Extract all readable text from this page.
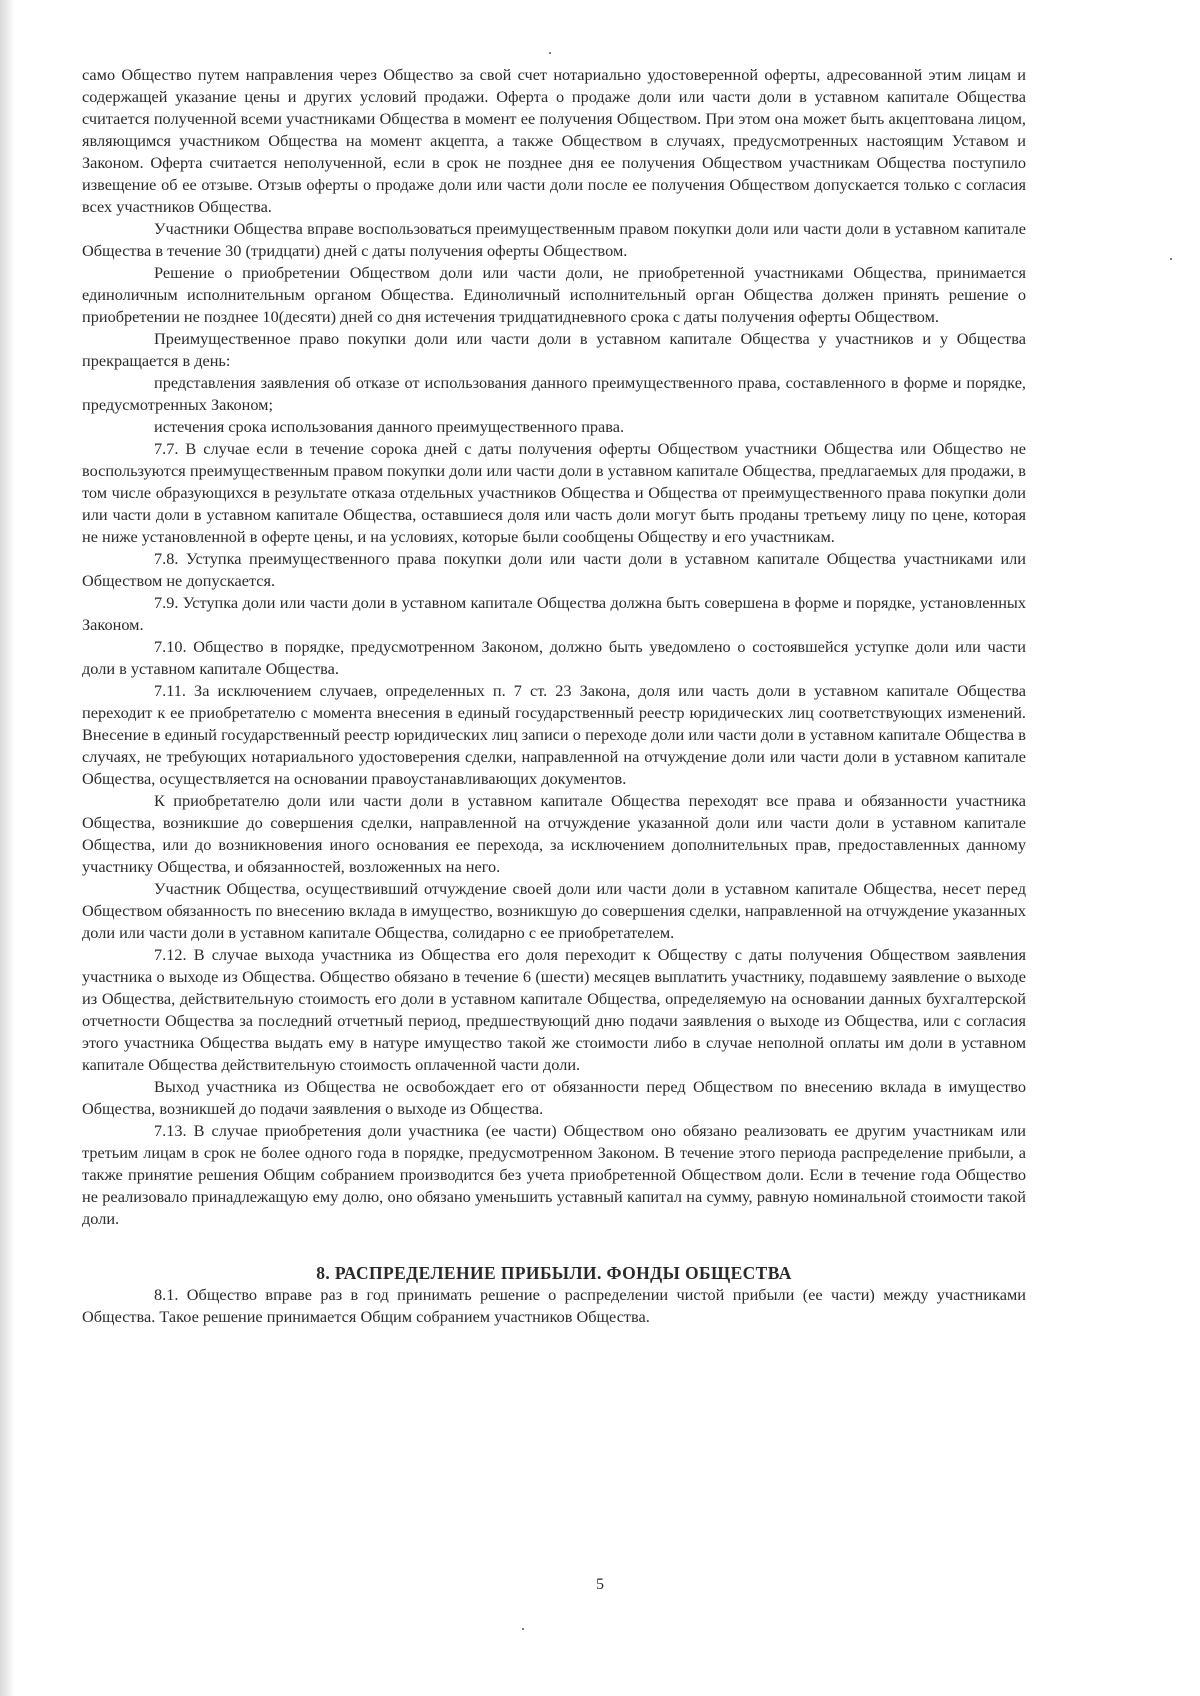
само Общество путем направления через Общество за свой счет нотариально удостоверенной оферты, адресованной этим лицам и содержащей указание цены и других условий продажи. Оферта о продаже доли или части доли в уставном капитале Общества считается полученной всеми участниками Общества в момент ее получения Обществом. При этом она может быть акцептована лицом, являющимся участником Общества на момент акцепта, а также Обществом в случаях, предусмотренных настоящим Уставом и Законом. Оферта считается неполученной, если в срок не позднее дня ее получения Обществом участникам Общества поступило извещение об ее отзыве. Отзыв оферты о продаже доли или части доли после ее получения Обществом допускается только с согласия всех участников Общества.

Участники Общества вправе воспользоваться преимущественным правом покупки доли или части доли в уставном капитале Общества в течение 30 (тридцати) дней с даты получения оферты Обществом.

Решение о приобретении Обществом доли или части доли, не приобретенной участниками Общества, принимается единоличным исполнительным органом Общества. Единоличный исполнительный орган Общества должен принять решение о приобретении не позднее 10(десяти) дней со дня истечения тридцатидневного срока с даты получения оферты Обществом.

Преимущественное право покупки доли или части доли в уставном капитале Общества у участников и у Общества прекращается в день:

представления заявления об отказе от использования данного преимущественного права, составленного в форме и порядке, предусмотренных Законом;

истечения срока использования данного преимущественного права.

7.7. В случае если в течение сорока дней с даты получения оферты Обществом участники Общества или Общество не воспользуются преимущественным правом покупки доли или части доли в уставном капитале Общества, предлагаемых для продажи, в том числе образующихся в результате отказа отдельных участников Общества и Общества от преимущественного права покупки доли или части доли в уставном капитале Общества, оставшиеся доля или часть доли могут быть проданы третьему лицу по цене, которая не ниже установленной в оферте цены, и на условиях, которые были сообщены Обществу и его участникам.

7.8. Уступка преимущественного права покупки доли или части доли в уставном капитале Общества участниками или Обществом не допускается.

7.9. Уступка доли или части доли в уставном капитале Общества должна быть совершена в форме и порядке, установленных Законом.

7.10. Общество в порядке, предусмотренном Законом, должно быть уведомлено о состоявшейся уступке доли или части доли в уставном капитале Общества.

7.11. За исключением случаев, определенных п. 7 ст. 23 Закона, доля или часть доли в уставном капитале Общества переходит к ее приобретателю с момента внесения в единый государственный реестр юридических лиц соответствующих изменений. Внесение в единый государственный реестр юридических лиц записи о переходе доли или части доли в уставном капитале Общества в случаях, не требующих нотариального удостоверения сделки, направленной на отчуждение доли или части доли в уставном капитале Общества, осуществляется на основании правоустанавливающих документов.

К приобретателю доли или части доли в уставном капитале Общества переходят все права и обязанности участника Общества, возникшие до совершения сделки, направленной на отчуждение указанной доли или части доли в уставном капитале Общества, или до возникновения иного основания ее перехода, за исключением дополнительных прав, предоставленных данному участнику Общества, и обязанностей, возложенных на него.

Участник Общества, осуществивший отчуждение своей доли или части доли в уставном капитале Общества, несет перед Обществом обязанность по внесению вклада в имущество, возникшую до совершения сделки, направленной на отчуждение указанных доли или части доли в уставном капитале Общества, солидарно с ее приобретателем.

7.12. В случае выхода участника из Общества его доля переходит к Обществу с даты получения Обществом заявления участника о выходе из Общества. Общество обязано в течение 6 (шести) месяцев выплатить участнику, подавшему заявление о выходе из Общества, действительную стоимость его доли в уставном капитале Общества, определяемую на основании данных бухгалтерской отчетности Общества за последний отчетный период, предшествующий дню подачи заявления о выходе из Общества, или с согласия этого участника Общества выдать ему в натуре имущество такой же стоимости либо в случае неполной оплаты им доли в уставном капитале Общества действительную стоимость оплаченной части доли.

Выход участника из Общества не освобождает его от обязанности перед Обществом по внесению вклада в имущество Общества, возникшей до подачи заявления о выходе из Общества.

7.13. В случае приобретения доли участника (ее части) Обществом оно обязано реализовать ее другим участникам или третьим лицам в срок не более одного года в порядке, предусмотренном Законом. В течение этого периода распределение прибыли, а также принятие решения Общим собранием производится без учета приобретенной Обществом доли. Если в течение года Общество не реализовало принадлежащую ему долю, оно обязано уменьшить уставный капитал на сумму, равную номинальной стоимости такой доли.

8. РАСПРЕДЕЛЕНИЕ ПРИБЫЛИ. ФОНДЫ ОБЩЕСТВА

8.1. Общество вправе раз в год принимать решение о распределении чистой прибыли (ее части) между участниками Общества. Такое решение принимается Общим собранием участников Общества.

5
